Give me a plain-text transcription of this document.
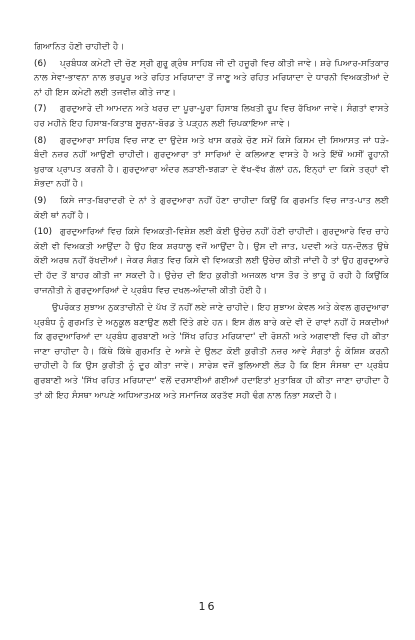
ਗਿਆਨਿਤ ਹੋਣੀ ਚਾਹੀਦੀ ਹੈ।

(6) ਪ੍ਰਬੰਧਕ ਕਮੇਟੀ ਦੀ ਚੋਣ ਸ੍ਰੀ ਗੁਰੂ ਗ੍ਰੰਥ ਸਾਹਿਬ ਜੀ ਦੀ ਹਜ਼ੂਰੀ ਵਿਚ ਕੀਤੀ ਜਾਵੇ। ਸ਼ਰੇ ਪਿਆਰ-ਸਤਿਕਾਰ ਨਾਲ ਸੇਵਾ-ਭਾਵਨਾ ਨਾਲ ਭਰਪੂਰ ਅਤੇ ਰਹਿਤ ਮਰਿਯਾਦਾ ਤੋਂ ਜਾਣੂ ਅਤੇ ਰਹਿਤ ਮਰਿਯਾਦਾ ਦੇ ਧਾਰਨੀ ਵਿਅਕਤੀਆਂ ਦੇ ਨਾਂ ਹੀ ਇਸ ਕਮੇਟੀ ਲਈ ਤਜਵੀਜ਼ ਕੀਤੇ ਜਾਣ।

(7) ਗੁਰਦੁਆਰੇ ਦੀ ਆਮਦਨ ਅਤੇ ਖਰਚ ਦਾ ਪੂਰਾ-ਪੂਰਾ ਹਿਸਾਬ ਲਿਖਤੀ ਰੂਪ ਵਿਚ ਰੱਖਿਆ ਜਾਵੇ। ਸੰਗਤਾਂ ਵਾਸਤੇ ਹਰ ਮਹੀਨੇ ਇਹ ਹਿਸਾਬ-ਕਿਤਾਬ ਸੂਚਨਾ-ਬੋਰਡ ਤੇ ਪੜ੍ਹਨ ਲਈ ਚਿਪਕਾਇਆ ਜਾਵੇ।

(8) ਗੁਰਦੁਆਰਾ ਸਾਹਿਬ ਵਿਚ ਜਾਣ ਦਾ ਉਦੇਸ਼ ਅਤੇ ਖਾਸ ਕਰਕੇ ਚੋਣ ਸਮੇਂ ਕਿਸੇ ਕਿਸਮ ਦੀ ਸਿਆਸਤ ਜਾਂ ਧੜੇ-ਬੰਦੀ ਨਜ਼ਰ ਨਹੀਂ ਆਉਣੀ ਚਾਹੀਦੀ। ਗੁਰਦੁਆਰਾ ਤਾਂ ਸਾਰਿਆਂ ਦੇ ਕਲਿਆਣ ਵਾਸਤੇ ਹੈ ਅਤੇ ਇੱਥੋਂ ਅਸੀਂ ਰੂਹਾਨੀ ਖੁਰਾਕ ਪ੍ਰਾਪਤ ਕਰਨੀ ਹੈ। ਗੁਰਦੁਆਰਾ ਅੰਦਰ ਲੜਾਈ-ਝਗੜਾ ਦੇ ਵੱਖ-ਵੱਖ ਗੱਲਾਂ ਹਨ, ਇਨ੍ਹਾਂ ਦਾ ਕਿਸੇ ਤਰ੍ਹਾਂ ਵੀ ਸ਼ੋਭਦਾ ਨਹੀਂ ਹੈ।

(9) ਕਿਸੇ ਜਾਤ-ਬਿਰਾਦਰੀ ਦੇ ਨਾਂ ਤੇ ਗੁਰਦੁਆਰਾ ਨਹੀਂ ਹੋਣਾ ਚਾਹੀਦਾ ਕਿਉਂ ਕਿ ਗੁਰਮਤਿ ਵਿਚ ਜਾਤ-ਪਾਤ ਲਈ ਕੋਈ ਥਾਂ ਨਹੀਂ ਹੈ।

(10) ਗੁਰਦੁਆਰਿਆਂ ਵਿਚ ਕਿਸੇ ਵਿਅਕਤੀ-ਵਿਸ਼ੇਸ਼ ਲਈ ਕੋਈ ਉਚੇਚ ਨਹੀਂ ਹੋਣੀ ਚਾਹੀਦੀ। ਗੁਰਦੁਆਰੇ ਵਿਚ ਚਾਹੇ ਕੋਈ ਵੀ ਵਿਅਕਤੀ ਆਉਂਦਾ ਹੈ ਉਹ ਇਕ ਸ਼ਰਧਾਲੂ ਵਜੋਂ ਆਉਂਦਾ ਹੈ। ਉਸ ਦੀ ਜਾਤ, ਪਦਵੀ ਅਤੇ ਧਨ-ਦੌਲਤ ਉਥੇ ਕੋਈ ਅਰਥ ਨਹੀਂ ਰੱਖਦੀਆਂ। ਜੇਕਰ ਸੰਗਤ ਵਿਚ ਕਿਸੇ ਵੀ ਵਿਅਕਤੀ ਲਈ ਉਚੇਚ ਕੀਤੀ ਜਾਂਦੀ ਹੈ ਤਾਂ ਉਹ ਗੁਰਦੁਆਰੇ ਦੀ ਹੱਦ ਤੋਂ ਬਾਹਰ ਕੀਤੀ ਜਾ ਸਕਦੀ ਹੈ। ਉਚੇਚ ਦੀ ਇਹ ਕੁਰੀਤੀ ਅਜਕਲ ਖਾਸ ਤੌਰ ਤੇ ਭਾਰੂ ਹੋ ਰਹੀ ਹੈ ਕਿਉਂਕਿ ਰਾਜਨੀਤੀ ਨੇ ਗੁਰਦੁਆਰਿਆਂ ਦੇ ਪ੍ਰਬੰਧ ਵਿਚ ਦਖਲ-ਅੰਦਾਜ਼ੀ ਕੀਤੀ ਹੋਈ ਹੈ।

ਉਪਰੋਕਤ ਸੁਝਾਅ ਨੁਕਤਾਚੀਨੀ ਦੇ ਪੱਖ ਤੋਂ ਨਹੀਂ ਲਏ ਜਾਣੇ ਚਾਹੀਦੇ। ਇਹ ਸੁਝਾਅ ਕੇਵਲ ਅਤੇ ਕੇਵਲ ਗੁਰਦੁਆਰਾ ਪ੍ਰਬੰਧ ਨੂੰ ਗੁਰਮਤਿ ਦੇ ਅਨੁਕੂਲ ਬਣਾਉਣ ਲਈ ਦਿੱਤੇ ਗਏ ਹਨ। ਇਸ ਗੱਲ ਬਾਰੇ ਕਦੇ ਵੀ ਦੋ ਰਾਵਾਂ ਨਹੀਂ ਹੋ ਸਕਦੀਆਂ ਕਿ ਗੁਰਦੁਆਰਿਆਂ ਦਾ ਪ੍ਰਬੰਧ ਗੁਰਬਾਣੀ ਅਤੇ 'ਸਿੱਖ ਰਹਿਤ ਮਰਿਯਾਦਾ' ਦੀ ਰੋਸ਼ਨੀ ਅਤੇ ਅਗਵਾਈ ਵਿਚ ਹੀ ਕੀਤਾ ਜਾਣਾ ਚਾਹੀਦਾ ਹੈ। ਕਿੱਥੇ ਕਿੱਥੇ ਗੁਰਮਤਿ ਦੇ ਆਸ਼ੇ ਦੇ ਉਲਟ ਕੋਈ ਕੁਰੀਤੀ ਨਜ਼ਰ ਆਵੇ ਸੰਗਤਾਂ ਨੂੰ ਕੋਸ਼ਿਸ਼ ਕਰਨੀ ਚਾਹੀਦੀ ਹੈ ਕਿ ਉਸ ਕੁਰੀਤੀ ਨੂੰ ਦੂਰ ਕੀਤਾ ਜਾਵੇ। ਸਾਰੇਸ਼ ਵਜੋਂ ਭੁਲਿਆਈ ਲੋੜ ਹੈ ਕਿ ਇਸ ਸੰਸਥਾ ਦਾ ਪ੍ਰਬੰਧ ਗੁਰਬਾਣੀ ਅਤੇ 'ਸਿੱਖ ਰਹਿਤ ਮਰਿਯਾਦਾ' ਵਲੋਂ ਦਰਸਾਈਆਂ ਗਈਆਂ ਹਦਾਇਤਾਂ ਮੁਤਾਬਿਕ ਹੀ ਕੀਤਾ ਜਾਣਾ ਚਾਹੀਦਾ ਹੈ ਤਾਂ ਕੀ ਇਹ ਸੰਸਥਾ ਆਪਣੇ ਅਧਿਆਤਮਕ ਅਤੇ ਸਮਾਜਿਕ ਕਰਤੱਵ ਸਹੀ ਢੰਗ ਨਾਲ ਨਿਭਾ ਸਕਦੀ ਹੈ।

16
